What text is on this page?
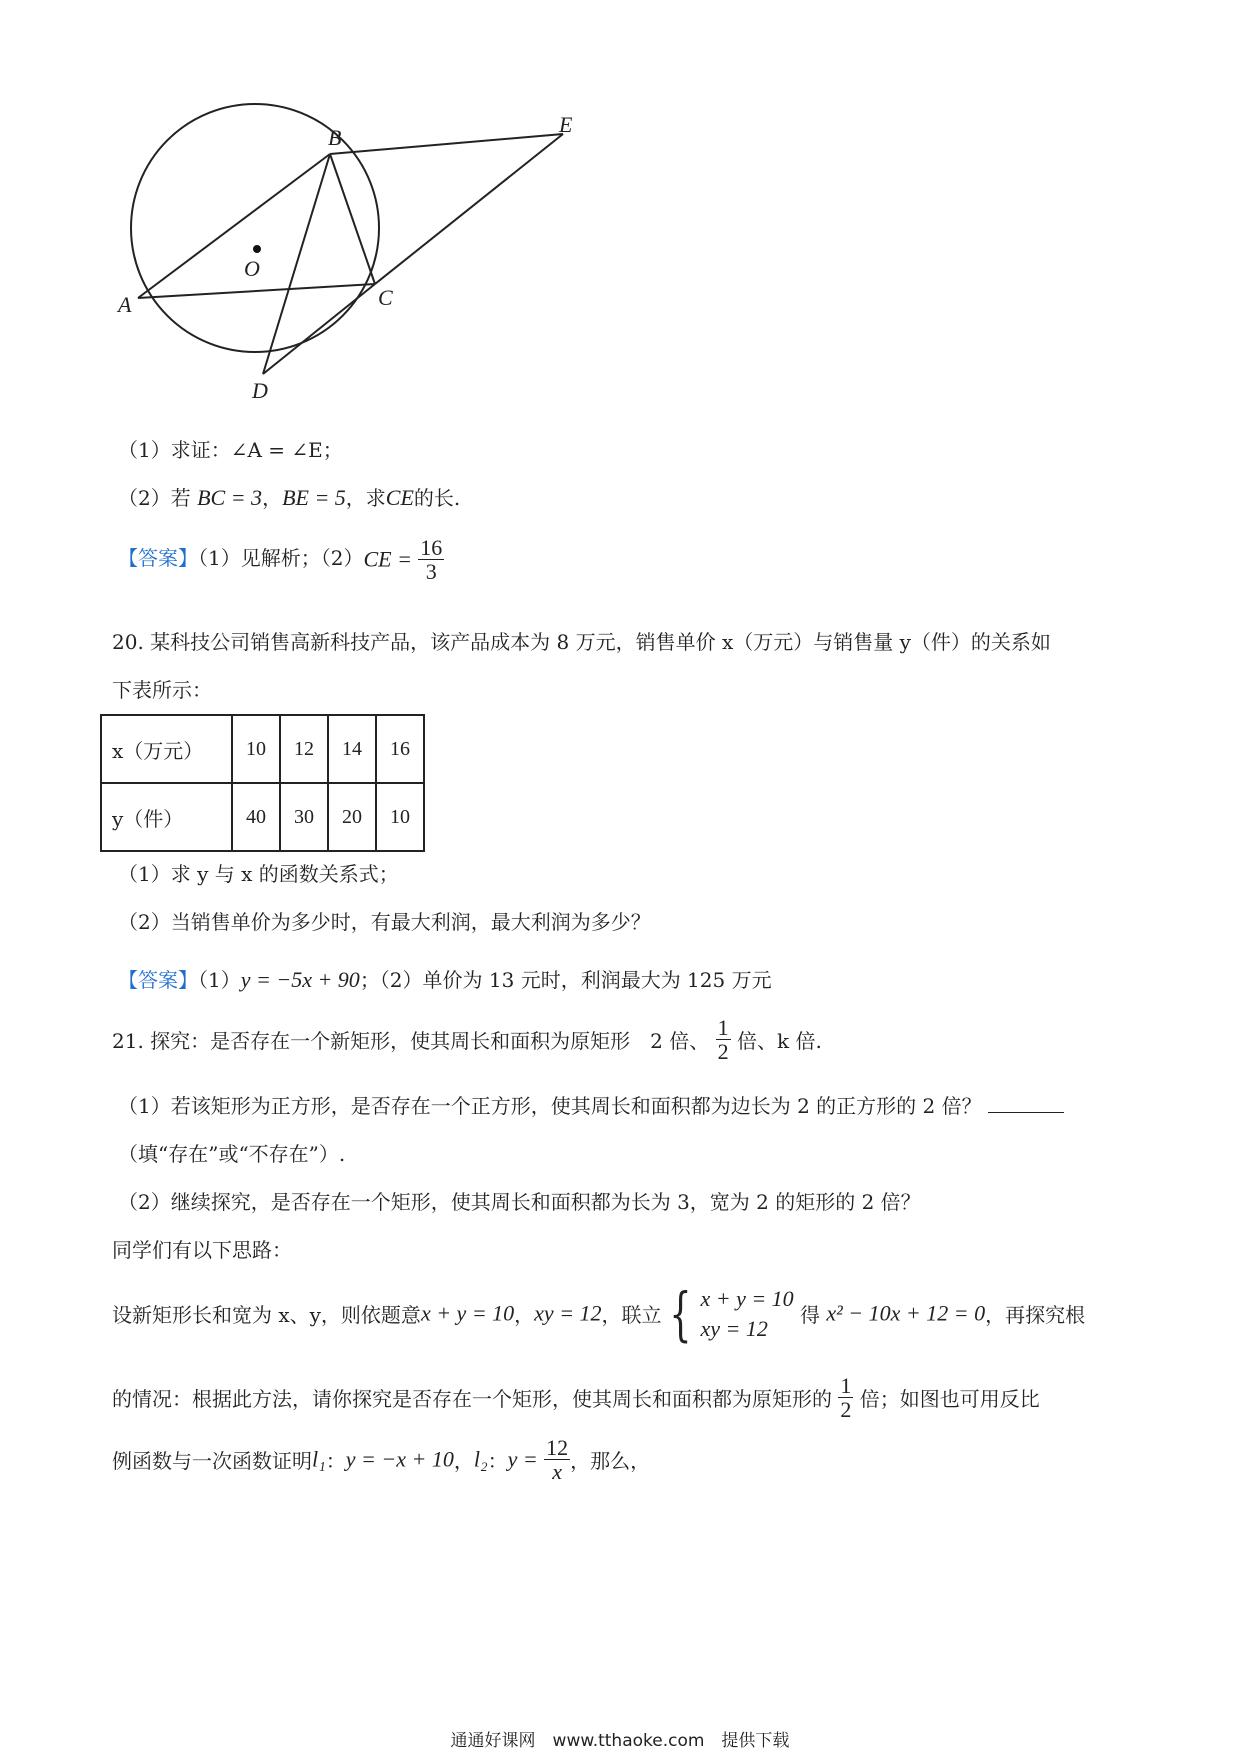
B
E
O
A	C
D
（1）求证：∠A = ∠E；
（2）若 BC = 3，BE = 5，求CE的长.
【答案】（1）见解析；$(2)CE = \frac{16}{3}$
20. 某科技公司销售高新科技产品，该产品成本为 8 万元，销售单价 x（万元）与销售量 y（件）的关系如
下表所示：
x（万元）	10	12	14	16
y（件）	40	30	20	10
（1）求 y 与 x 的函数关系式；
（2）当销售单价为多少时，有最大利润，最大利润为多少？
【答案】（1）y = −5x + 90；（2）单价为 13 元时，利润最大为 125 万元
21. 探究：是否存在一个新矩形，使其周长和面积为原矩形　2 倍、 $\frac{1}{2}$ 倍、k 倍.
（1）若该矩形为正方形，是否存在一个正方形，使其周长和面积都为边长为 2 的正方形的 2 倍？
（填“存在”或“不存在”）.
（2）继续探究，是否存在一个矩形，使其周长和面积都为长为 3，宽为 2 的矩形的 2 倍？
同学们有以下思路：
设新矩形长和宽为 x、y，则依题意x + y = 10，xy = 12，联立 { x + y = 10
xy = 12
得 x² − 10x + 12 = 0，再探究根
的情况：根据此方法，请你探究是否存在一个矩形，使其周长和面积都为原矩形的 $\frac{1}{2}$ 倍；如图也可用反比
例函数与一次函数证明l₁：y = −x + 10，l₂：$y = \frac{12}{x}$ ，那么，
通通好课网　www.tthaoke.com　提供下载
